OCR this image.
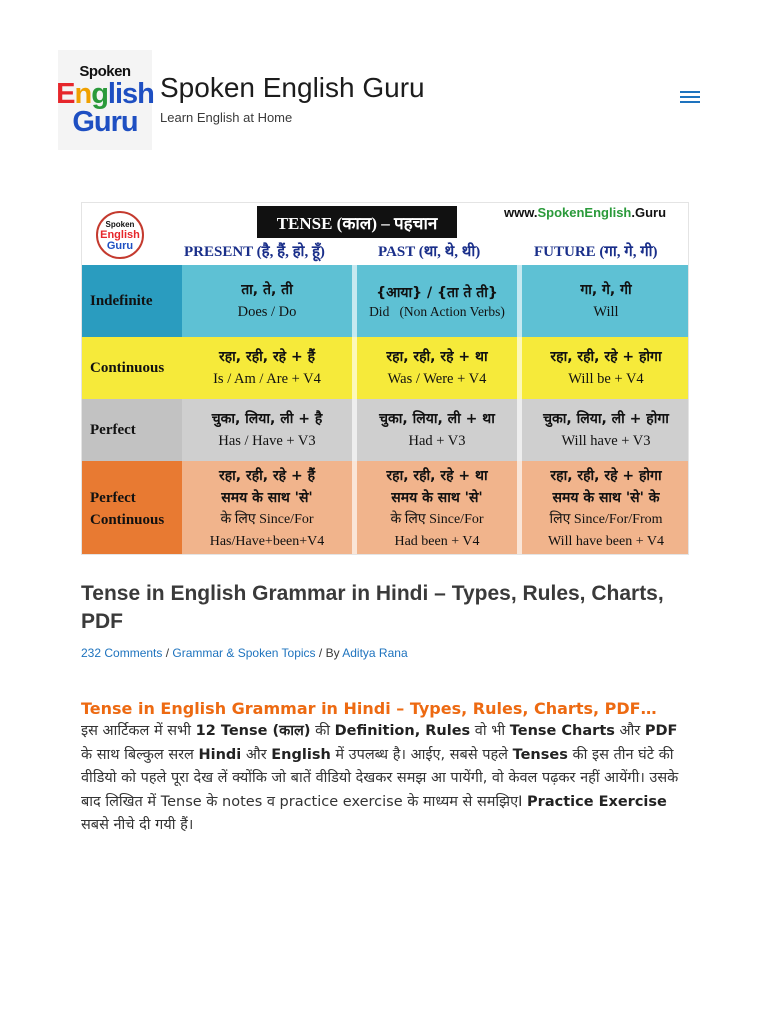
Spoken
English
Guru
Spoken English Guru
Learn English at Home
Spoken
English
Guru
TENSE (काल) – पहचान
www.SpokenEnglish.Guru
PRESENT (है, हैं, हो, हूँ)	PAST (था, थे, थी)	FUTURE (गा, गे, गी)
Indefinite
ता, ते, ती
Does / Do
{आया} / {ता ते ती}
Did (Non Action Verbs)
गा, गे, गी
Will
Continuous
रहा, रही, रहे + हैं
Is / Am / Are + V4
रहा, रही, रहे + था
Was / Were + V4
रहा, रही, रहे + होगा
Will be + V4
Perfect
चुका, लिया, ली + है
Has / Have + V3
चुका, लिया, ली + था
Had + V3
चुका, लिया, ली + होगा
Will have + V3
Perfect
Continuous
रहा, रही, रहे + हैं
समय के साथ 'से'
के लिए Since/For
Has/Have+been+V4
रहा, रही, रहे + था
समय के साथ 'से'
के लिए Since/For
Had been + V4
रहा, रही, रहे + होगा
समय के साथ 'से' के
लिए Since/For/From
Will have been + V4
Tense in English Grammar in Hindi – Types, Rules, Charts, PDF
232 Comments / Grammar & Spoken Topics / By Aditya Rana
Tense in English Grammar in Hindi – Types, Rules, Charts, PDF…

इस आर्टिकल में सभी 12 Tense (काल) की Definition, Rules वो भी Tense Charts और PDF के साथ बिल्कुल सरल Hindi और English में उपलब्ध है। आईए, सबसे पहले Tenses की इस तीन घंटे की वीडियो को पहले पूरा देख लें क्योंकि जो बातें वीडियो देखकर समझ आ पायेंगी, वो केवल पढ़कर नहीं आयेंगी। उसके बाद लिखित में Tense के notes व practice exercise के माध्यम से समझिएI Practice Exercise सबसे नीचे दी गयी हैं।
